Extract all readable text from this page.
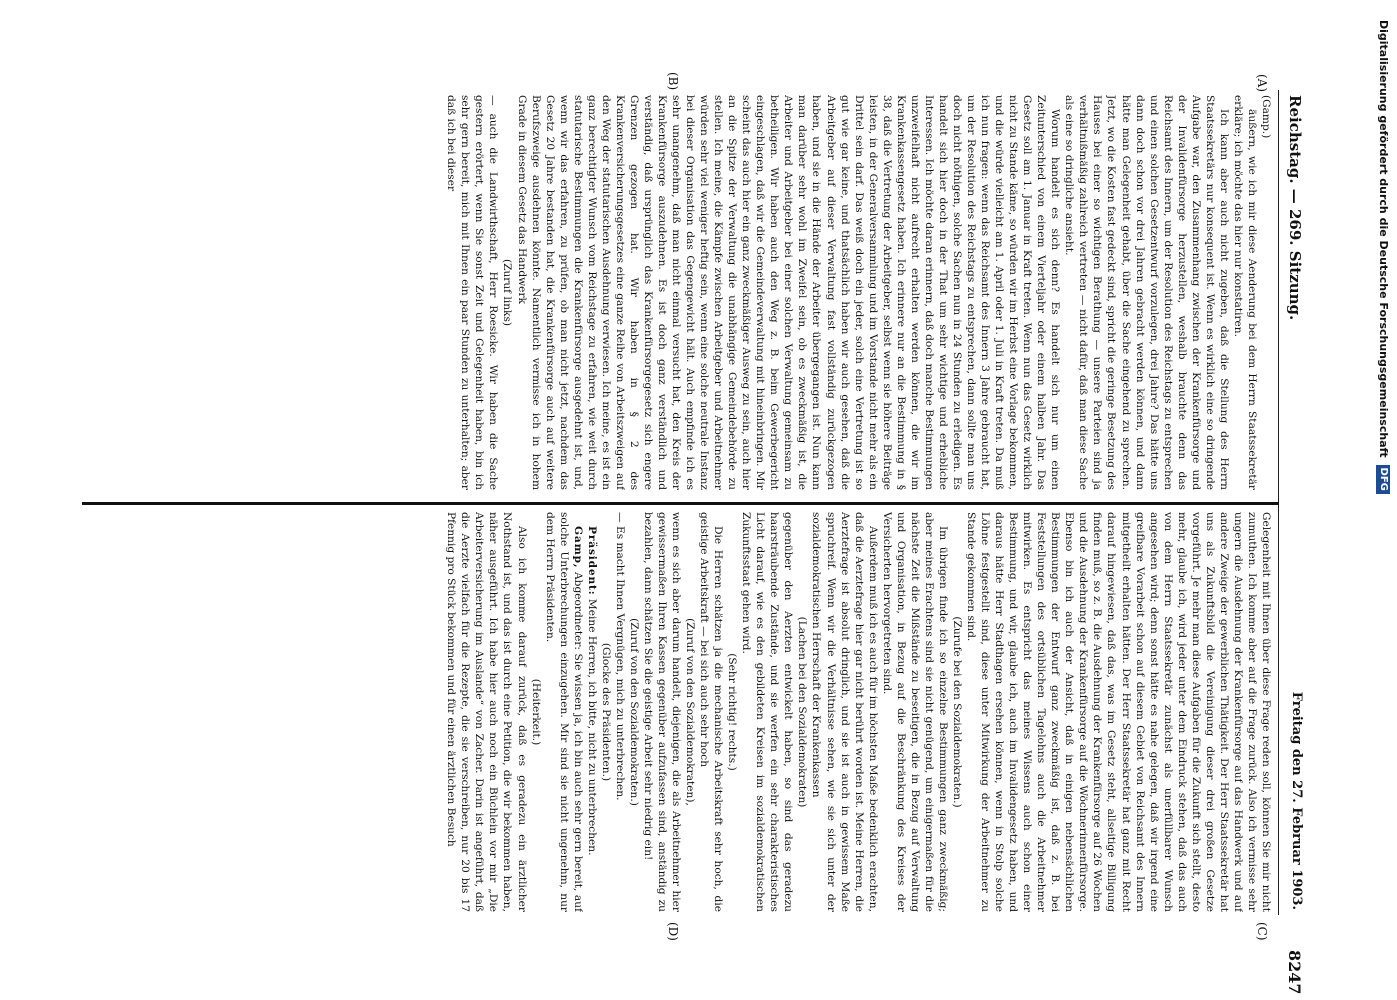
Reichstag. — 269. Sitzung.
Freitag den 27. Februar 1903.
8247
(A)
(B)
(C)
(D)

(Gamp.)

äußern, wie ich mir diese Aenderung bei dem Herrn Staatssekretär erkläre; ich möchte das hier nur konstatiren.

Ich kann aber auch nicht zugeben, daß die Stellung des Herrn Staatssekretärs nur konsequent ist. Wenn es wirklich eine so dringende Aufgabe war, den Zusammenhang zwischen der Krankenfürsorge und der Invalidenfürsorge herzustellen, weshalb brauchte denn das Reichsamt des Innern, um der Resolution des Reichstags zu entsprechen und einen solchen Gesetzentwurf vorzulegen, drei Jahre? Das hätte uns dann doch schon vor drei Jahren gebracht werden können, und dann hätte man Gelegenheit gehabt, über die Sache eingehend zu sprechen. Jetzt, wo die Kosten fast gedeckt sind, spricht die geringe Besetzung des Hauses bei einer so wichtigen Berathung — unsere Parteien sind ja verhältnißmäßig zahlreich vertreten — nicht dafür, daß man diese Sache als eine so dringliche ansieht.

Worum handelt es sich denn? Es handelt sich nur um einen Zeitunterschied von einem Vierteljahr oder einem halben Jahr. Das Gesetz soll am 1. Januar in Kraft treten. Wenn nun das Gesetz wirklich nicht zu Stande käme, so würden wir im Herbst eine Vorlage bekommen, und die würde vielleicht am 1. April oder 1. Juli in Kraft treten. Da muß ich nun fragen: wenn das Reichsamt des Innern 3 Jahre gebraucht hat, um der Resolution des Reichstags zu entsprechen, dann sollte man uns doch nicht nöthigen, solche Sachen nun in 24 Stunden zu erledigen. Es handelt sich hier doch in der That um sehr wichtige und erhebliche Interessen. Ich möchte daran erinnern, daß doch manche Bestimmungen unzweifelhaft nicht aufrecht erhalten werden können, die wir im Krankenkassengesetz haben. Ich erinnere nur an die Bestimmung in § 38, daß die Vertretung der Arbeitgeber, selbst wenn sie höhere Beiträge leisten, in der Generalversammlung und im Vorstande nicht mehr als ein Drittel sein darf. Das weiß doch ein jeder, solch eine Vertretung ist so gut wie gar keine, und thatsächlich haben wir auch gesehen, daß die Arbeitgeber auf dieser Verwaltung fast vollständig zurückgezogen haben, und sie in die Hände der Arbeiter übergegangen ist. Nun kann man darüber sehr wohl im Zweifel sein, ob es zweckmäßig ist, die Arbeiter und Arbeitgeber bei einer solchen Verwaltung gemeinsam zu betheiligen. Wir haben auch den Weg z. B. beim Gewerbegericht eingeschlagen, daß wir die Gemeindeverwaltung mit hineinbringen. Mir scheint das auch hier ein ganz zweckmäßiger Ausweg zu sein, auch hier an die Spitze der Verwaltung die unabhängige Gemeindebehörde zu stellen. Ich meine, die Kämpfe zwischen Arbeitgeber und Arbeitnehmer würden sehr viel weniger heftig sein, wenn eine solche neutrale Instanz bei dieser Organisation das Gegengewicht hält. Auch empfinde ich es sehr unangenehm, daß man nicht einmal versucht hat, den Kreis der Krankenfürsorge auszudehnen. Es ist doch ganz verständlich und verständig, daß ursprünglich das Krankenfürsorgegesetz sich engere Grenzen gezogen hat. Wir haben in § 2 des Krankenversicherungsgesetzes eine ganze Reihe von Arbeitszweigen auf den Weg der statutarischen Ausdehnung verwiesen. Ich meine, es ist ein ganz berechtigter Wunsch vom Reichstage zu erfahren, wie weit durch statutarische Bestimmungen die Krankenfürsorge ausgedehnt ist, und, wenn wir das erfahren, zu prüfen, ob man nicht jetzt, nachdem das Gesetz 20 Jahre bestanden hat, die Krankenfürsorge auch auf weitere Berufszweige ausdehnen könnte. Namentlich vermisse ich in hohem Grade in diesem Gesetz das Handwerk

(Zuruf links)

— auch die Landwirthschaft, Herr Roesicke. Wir haben die Sache gestern erörtert, wenn Sie sonst Zeit und Gelegenheit haben, bin ich sehr gern bereit, mich mit Ihnen ein paar Stunden zu unterhalten; aber daß ich bei dieser

Gelegenheit mit Ihnen über diese Frage reden soll, können Sie mir nicht zumuthen. Ich komme aber auf die Frage zurück. Also ich vermisse sehr ungern die Ausdehnung der Krankenfürsorge auf das Handwerk und auf andere Zweige der gewerblichen Thätigkeit. Der Herr Staatssekretär hat uns als Zukunftsbild die Vereinigung dieser drei großen Gesetze vorgeführt. Je mehr man diese Aufgaben für die Zukunft sich stellt, desto mehr, glaube ich, wird jeder unter dem Eindruck stehen, daß das auch von dem Herrn Staatssekretär zunächst als unerfüllbarer Wunsch angesehen wird; denn sonst hätte es nahe gelegen, daß wir irgend eine greifbare Vorarbeit schon auf diesem Gebiet von Reichsamt des Innern mitgetheilt erhalten hätten. Der Herr Staatssekretär hat ganz mit Recht darauf hingewiesen, daß das, was im Gesetz steht, allseitige Billigung finden muß, so z. B. die Ausdehnung der Krankenfürsorge auf 26 Wochen und die Ausdehnung der Krankenfürsorge auf die Wöchnerinnenfürsorge. Ebenso bin ich auch der Ansicht, daß in einigen nebensächlichen Bestimmungen der Entwurf ganz zweckmäßig ist, daß z. B. bei Feststellungen des ortsüblichen Tagelohns auch die Arbeitnehmer mitwirken. Es entspricht das meines Wissens auch schon einer Bestimmung, und wir, glaube ich, auch im Invalidengesetz haben, und daraus hätte Herr Stadthagen ersehen können, wenn in Stolp solche Löhne festgestellt sind, diese unter Mitwirkung der Arbeitnehmer zu Stande gekommen sind.

(Zurufe bei den Sozialdemokraten.)

Im übrigen finde ich so einzelne Bestimmungen ganz zweckmäßig; aber meines Erachtens sind sie nicht genügend, um einigermaßen für die nächste Zeit die Mißstände zu beseitigen, die in Bezug auf Verwaltung und Organisation, in Bezug auf die Beschränkung des Kreises der Versicherten hervorgetreten sind.

Außerdem muß ich es auch für im höchsten Maße bedenklich erachten, daß die Aerztefrage hier gar nicht berührt worden ist. Meine Herren, die Aerztefrage ist absolut dringlich, und sie ist auch in gewissem Maße spruchreif. Wenn wir die Verhältnisse sehen, wie sie sich unter der sozialdemokratischen Herrschaft der Krankenkassen

(Lachen bei den Sozialdemokraten)

gegenüber den Aerzten entwickelt haben, so sind das geradezu haarsträubende Zustände, und sie werfen ein sehr charakteristisches Licht darauf, wie es den gebildeten Kreisen im sozialdemokratischen Zukunftsstaat gehen wird.

(Sehr richtig! rechts.)

Die Herren schätzen ja die mechanische Arbeitskraft sehr hoch, die geistige Arbeitskraft — bei sich auch sehr hoch

(Zuruf von den Sozialdemokraten),

wenn es sich aber darum handelt, diejenigen, die als Arbeitnehmer hier gewissermaßen Ihren Kassen gegenüber aufzufassen sind, anständig zu bezahlen, dann schätzen Sie die geistige Arbeit sehr niedrig ein!

(Zuruf von den Sozialdemokraten.)

— Es macht Ihnen Vergnügen, mich zu unterbrechen.

(Glocke des Präsidenten.)

Präsident: Meine Herren, ich bitte, nicht zu unterbrechen.

Gamp, Abgeordneter: Sie wissen ja, ich bin auch sehr gern bereit, auf solche Unterbrechungen einzugehen. Mir sind sie nicht ungenehm, nur dem Herrn Präsidenten.

(Heiterkeit.)

Also ich komme darauf zurück, daß es geradezu ein ärztlicher Nothstand ist, und das ist durch eine Petition, die wir bekommen haben, näher ausgeführt. Ich habe hier auch noch ein Büchlein vor mir „Die Arbeiterversicherung im Auslande“ von Zacher. Darin ist angeführt, daß die Aerzte vielfach für die Rezepte, die sie verschreiben, nur 20 bis 17 Pfennig pro Stück bekommen und für einen ärztlichen Besuch

Digitalisierung gefördert durch die Deutsche Forschungsgemeinschaft DFG
